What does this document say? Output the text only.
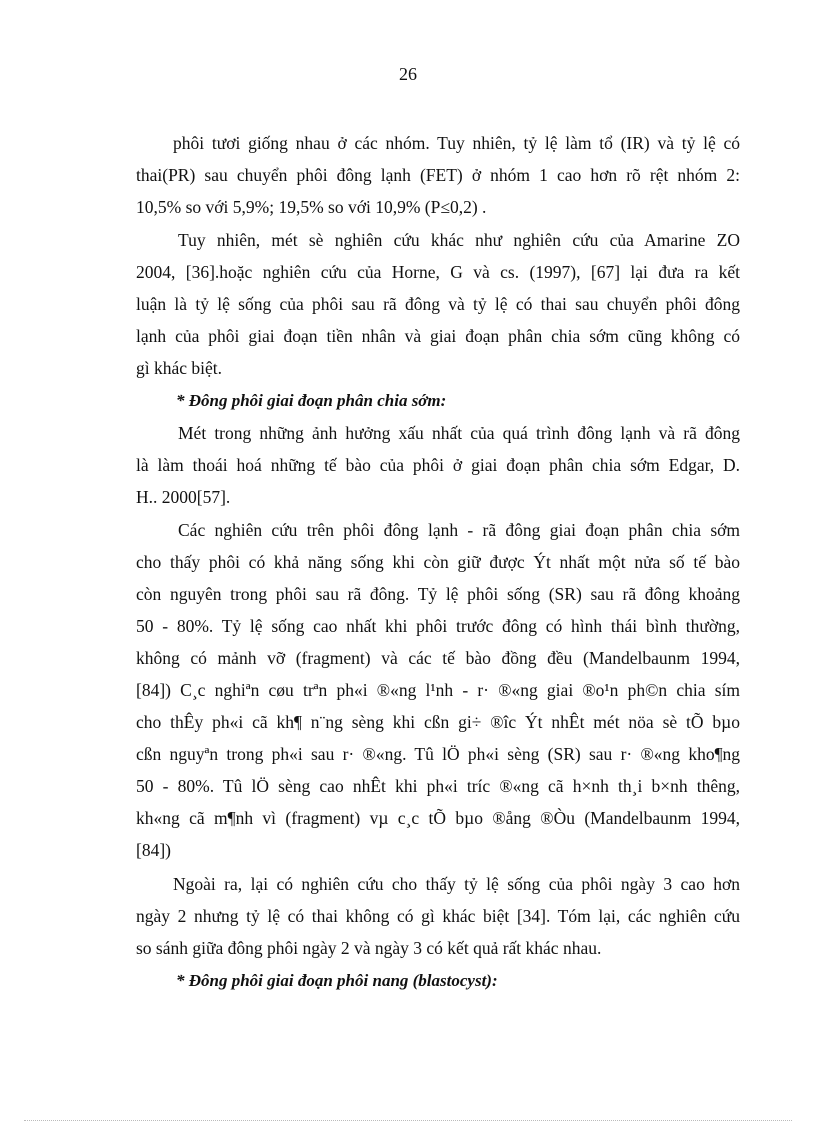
26
phôi tươi giống nhau ở các nhóm. Tuy nhiên, tỷ lệ làm tổ (IR) và tỷ lệ có
thai(PR) sau chuyển phôi đông lạnh (FET) ở nhóm 1 cao hơn rõ rệt nhóm 2:
10,5% so với 5,9%; 19,5% so với 10,9% (P≤0,2) .
Tuy nhiên, mét sè nghiên cứu khác như nghiên cứu của Amarine ZO
2004, [36].hoặc nghiên cứu của Horne, G và cs. (1997), [67] lại đưa ra kết
luận là tỷ lệ sống của phôi sau rã đông và tỷ lệ có thai sau chuyển phôi đông
lạnh của phôi giai đoạn tiền nhân và giai đoạn phân chia sớm cũng không có
gì khác biệt.
* Đông phôi giai đoạn phân chia sớm:
Mét trong những ảnh hưởng xấu nhất của quá trình đông lạnh và rã đông
là làm thoái hoá những tế bào của phôi ở giai đoạn phân chia sớm Edgar, D.
H.. 2000[57].
Các nghiên cứu trên phôi đông lạnh - rã đông giai đoạn phân chia sớm
cho thấy phôi có khả năng sống khi còn giữ được Ýt nhất một nửa số tế bào
còn nguyên trong phôi sau rã đông. Tỷ lệ phôi sống (SR) sau rã đông khoảng
50 - 80%. Tỷ lệ sống cao nhất khi phôi trước đông có hình thái bình thường,
không có mảnh vỡ (fragment) và các tế bào đồng đều (Mandelbaunm 1994,
[84]) C¸c nghiªn cøu trªn ph«i ®«ng l¹nh - r· ®«ng giai ®o¹n ph©n chia sím
cho thÊy ph«i cã kh¶ n¨ng sèng khi cßn gi÷ ®îc Ýt nhÊt mét nöa sè tÕ bµo
cßn nguyªn trong ph«i sau r· ®«ng. Tû lÖ ph«i sèng (SR) sau r· ®«ng kho¶ng
50 - 80%. Tû lÖ sèng cao nhÊt khi ph«i tríc ®«ng cã h×nh th¸i b×nh thêng,
kh«ng cã m¶nh vì (fragment) vµ c¸c tÕ bµo ®ång ®Òu (Mandelbaunm 1994,
[84])
Ngoài ra, lại có nghiên cứu cho thấy tỷ lệ sống của phôi ngày 3 cao hơn
ngày 2 nhưng tỷ lệ có thai không có gì khác biệt [34]. Tóm lại, các nghiên cứu
so sánh giữa đông phôi ngày 2 và ngày 3 có kết quả rất khác nhau.
* Đông phôi giai đoạn phôi nang (blastocyst):
